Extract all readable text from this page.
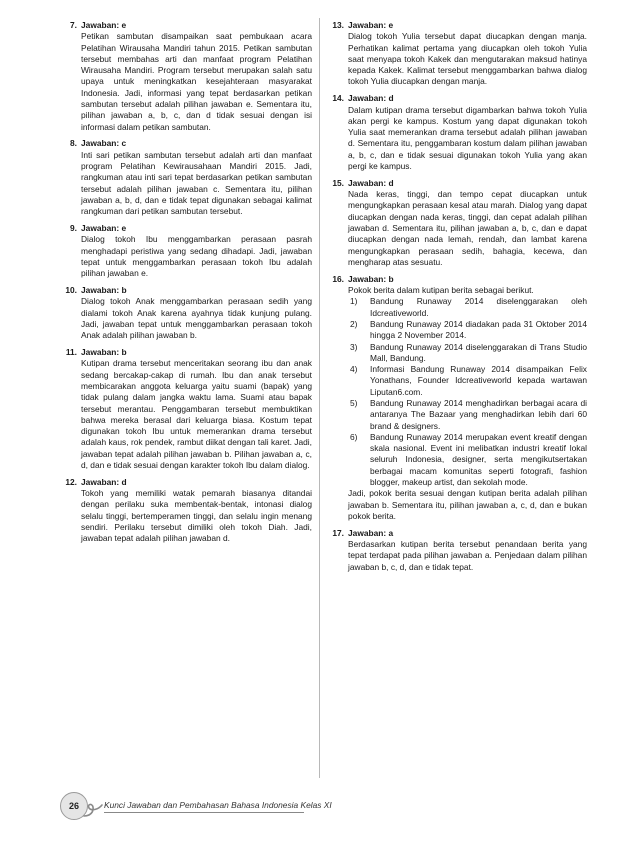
7. Jawaban: e
Petikan sambutan disampaikan saat pembukaan acara Pelatihan Wirausaha Mandiri tahun 2015. Petikan sambutan tersebut membahas arti dan manfaat program Pelatihan Wirausaha Mandiri. Program tersebut merupakan salah satu upaya untuk meningkatkan kesejahteraan masyarakat Indonesia. Jadi, informasi yang tepat berdasarkan petikan sambutan tersebut adalah pilihan jawaban e. Sementara itu, pilihan jawaban a, b, c, dan d tidak sesuai dengan isi informasi dalam petikan sambutan.
8. Jawaban: c
Inti sari petikan sambutan tersebut adalah arti dan manfaat program Pelatihan Kewirausahaan Mandiri 2015. Jadi, rangkuman atau inti sari tepat berdasarkan petikan sambutan tersebut adalah pilihan jawaban c. Sementara itu, pilihan jawaban a, b, d, dan e tidak tepat digunakan sebagai kalimat rangkuman dari petikan sambutan tersebut.
9. Jawaban: e
Dialog tokoh Ibu menggambarkan perasaan pasrah menghadapi peristiwa yang sedang dihadapi. Jadi, jawaban tepat untuk menggambarkan perasaan tokoh Ibu adalah pilihan jawaban e.
10. Jawaban: b
Dialog tokoh Anak menggambarkan perasaan sedih yang dialami tokoh Anak karena ayahnya tidak kunjung pulang. Jadi, jawaban tepat untuk menggambarkan perasaan tokoh Anak adalah pilihan jawaban b.
11. Jawaban: b
Kutipan drama tersebut menceritakan seorang ibu dan anak sedang bercakap-cakap di rumah. Ibu dan anak tersebut membicarakan anggota keluarga yaitu suami (bapak) yang tidak pulang dalam jangka waktu lama. Suami atau bapak tersebut merantau. Penggambaran tersebut membuktikan bahwa mereka berasal dari keluarga biasa. Kostum tepat digunakan tokoh Ibu untuk memerankan drama tersebut adalah kaus, rok pendek, rambut diikat dengan tali karet. Jadi, jawaban tepat adalah pilihan jawaban b. Pilihan jawaban a, c, d, dan e tidak sesuai dengan karakter tokoh Ibu dalam dialog.
12. Jawaban: d
Tokoh yang memiliki watak pemarah biasanya ditandai dengan perilaku suka membentak-bentak, intonasi dialog selalu tinggi, bertemperamen tinggi, dan selalu ingin menang sendiri. Perilaku tersebut dimiliki oleh tokoh Diah. Jadi, jawaban tepat adalah pilihan jawaban d.
13. Jawaban: e
Dialog tokoh Yulia tersebut dapat diucapkan dengan manja. Perhatikan kalimat pertama yang diucapkan oleh tokoh Yulia saat menyapa tokoh Kakek dan mengutarakan maksud hatinya kepada Kakek. Kalimat tersebut menggambarkan bahwa dialog tokoh Yulia diucapkan dengan manja.
14. Jawaban: d
Dalam kutipan drama tersebut digambarkan bahwa tokoh Yulia akan pergi ke kampus. Kostum yang dapat digunakan tokoh Yulia saat memerankan drama tersebut adalah pilihan jawaban d. Sementara itu, penggambaran kostum dalam pilihan jawaban a, b, c, dan e tidak sesuai digunakan tokoh Yulia yang akan pergi ke kampus.
15. Jawaban: d
Nada keras, tinggi, dan tempo cepat diucapkan untuk mengungkapkan perasaan kesal atau marah. Dialog yang dapat diucapkan dengan nada keras, tinggi, dan cepat adalah pilihan jawaban d. Sementara itu, pilihan jawaban a, b, c, dan e dapat diucapkan dengan nada lemah, rendah, dan lambat karena mengungkapkan perasaan sedih, bahagia, kecewa, dan mengharap atas sesuatu.
16. Jawaban: b
Pokok berita dalam kutipan berita sebagai berikut.
1) Bandung Runaway 2014 diselenggarakan oleh Idcreativeworld.
2) Bandung Runaway 2014 diadakan pada 31 Oktober 2014 hingga 2 November 2014.
3) Bandung Runaway 2014 diselenggarakan di Trans Studio Mall, Bandung.
4) Informasi Bandung Runaway 2014 disampaikan Felix Yonathans, Founder Idcreativeworld kepada wartawan Liputan6.com.
5) Bandung Runaway 2014 menghadirkan berbagai acara di antaranya The Bazaar yang menghadirkan lebih dari 60 brand & designers.
6) Bandung Runaway 2014 merupakan event kreatif dengan skala nasional. Event ini melibatkan industri kreatif lokal seluruh Indonesia, designer, serta mengikutsertakan berbagai macam komunitas seperti fotografi, fashion blogger, makeup artist, dan sekolah mode.
Jadi, pokok berita sesuai dengan kutipan berita adalah pilihan jawaban b. Sementara itu, pilihan jawaban a, c, d, dan e bukan pokok berita.
17. Jawaban: a
Berdasarkan kutipan berita tersebut penandaan berita yang tepat terdapat pada pilihan jawaban a. Penjedaan dalam pilihan jawaban b, c, d, dan e tidak tepat.
26	Kunci Jawaban dan Pembahasan Bahasa Indonesia Kelas XI
